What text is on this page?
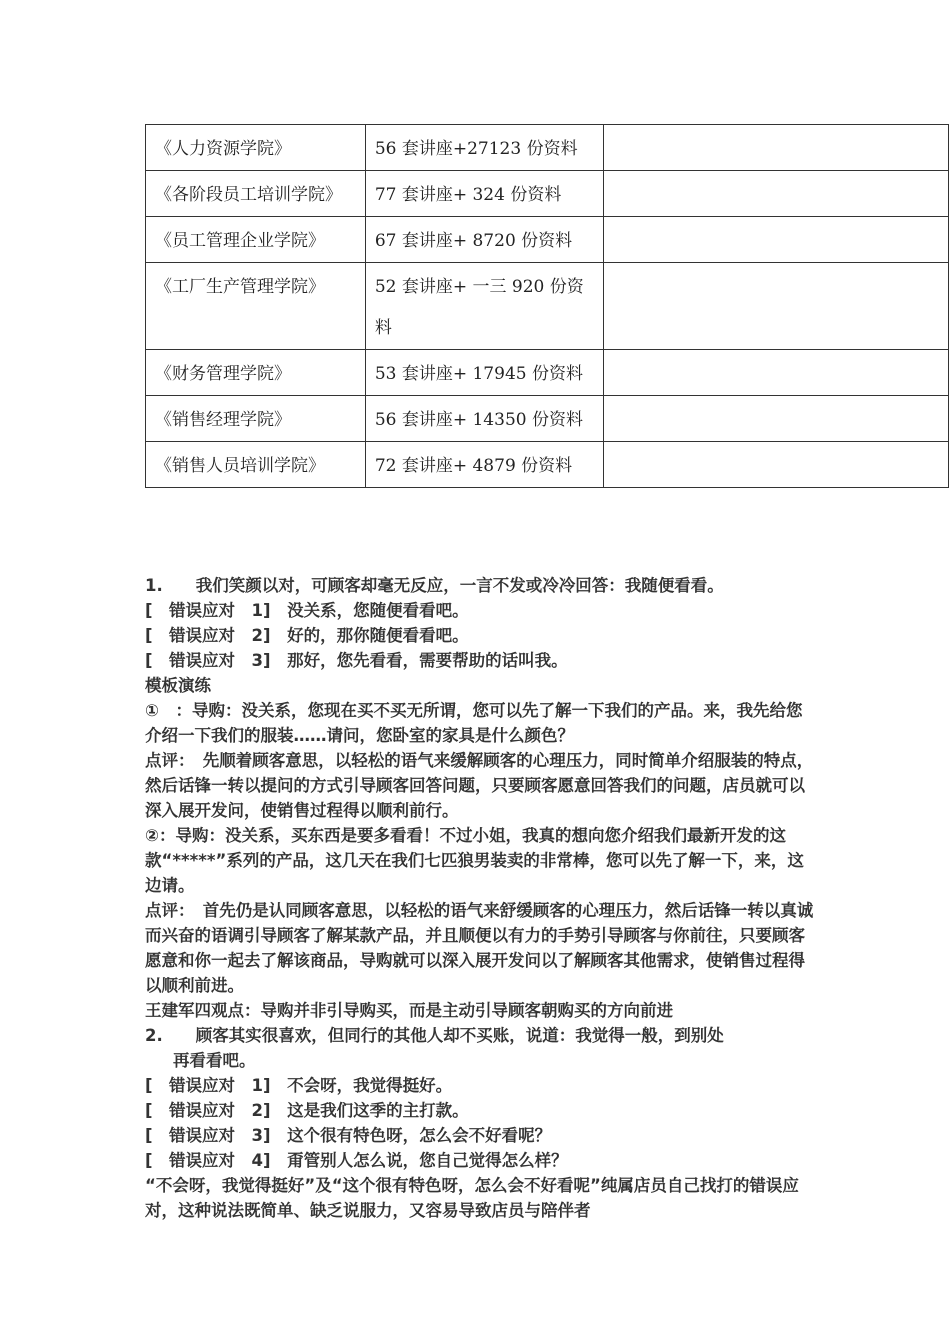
《人力资源学院》	56 套讲座+27123 份资料	
《各阶段员工培训学院》	77 套讲座+ 324 份资料	
《员工管理企业学院》	67 套讲座+ 8720 份资料	
《工厂生产管理学院》	52 套讲座+ 一三 920 份资料	
《财务管理学院》	53 套讲座+ 17945 份资料	
《销售经理学院》	56 套讲座+ 14350 份资料	
《销售人员培训学院》	72 套讲座+ 4879 份资料	

1.　　我们笑颜以对，可顾客却毫无反应，一言不发或冷冷回答：我随便看看。

[　错误应对　1]　没关系，您随便看看吧。

[　错误应对　2]　好的，那你随便看看吧。

[　错误应对　3]　那好，您先看看，需要帮助的话叫我。

模板演练

①　：导购：没关系，您现在买不买无所谓，您可以先了解一下我们的产品。来，我先给您介绍一下我们的服装……请问，您卧室的家具是什么颜色？

点评：　先顺着顾客意思，以轻松的语气来缓解顾客的心理压力，同时简单介绍服装的特点，然后话锋一转以提问的方式引导顾客回答问题，只要顾客愿意回答我们的问题，店员就可以深入展开发问，使销售过程得以顺利前行。

②：导购：没关系，买东西是要多看看！不过小姐，我真的想向您介绍我们最新开发的这款“*****”系列的产品，这几天在我们七匹狼男装卖的非常棒，您可以先了解一下，来，这边请。

点评：　首先仍是认同顾客意思，以轻松的语气来舒缓顾客的心理压力，然后话锋一转以真诚而兴奋的语调引导顾客了解某款产品，并且顺便以有力的手势引导顾客与你前往，只要顾客愿意和你一起去了解该商品，导购就可以深入展开发问以了解顾客其他需求，使销售过程得以顺利前进。

王建军四观点：导购并非引导购买，而是主动引导顾客朝购买的方向前进

2.　　顾客其实很喜欢，但同行的其他人却不买账，说道：我觉得一般，到别处

再看看吧。

[　错误应对　1]　不会呀，我觉得挺好。

[　错误应对　2]　这是我们这季的主打款。

[　错误应对　3]　这个很有特色呀，怎么会不好看呢？

[　错误应对　4]　甭管别人怎么说，您自己觉得怎么样？

“不会呀，我觉得挺好”及“这个很有特色呀，怎么会不好看呢”纯属店员自己找打的错误应对，这种说法既简单、缺乏说服力，又容易导致店员与陪伴者
